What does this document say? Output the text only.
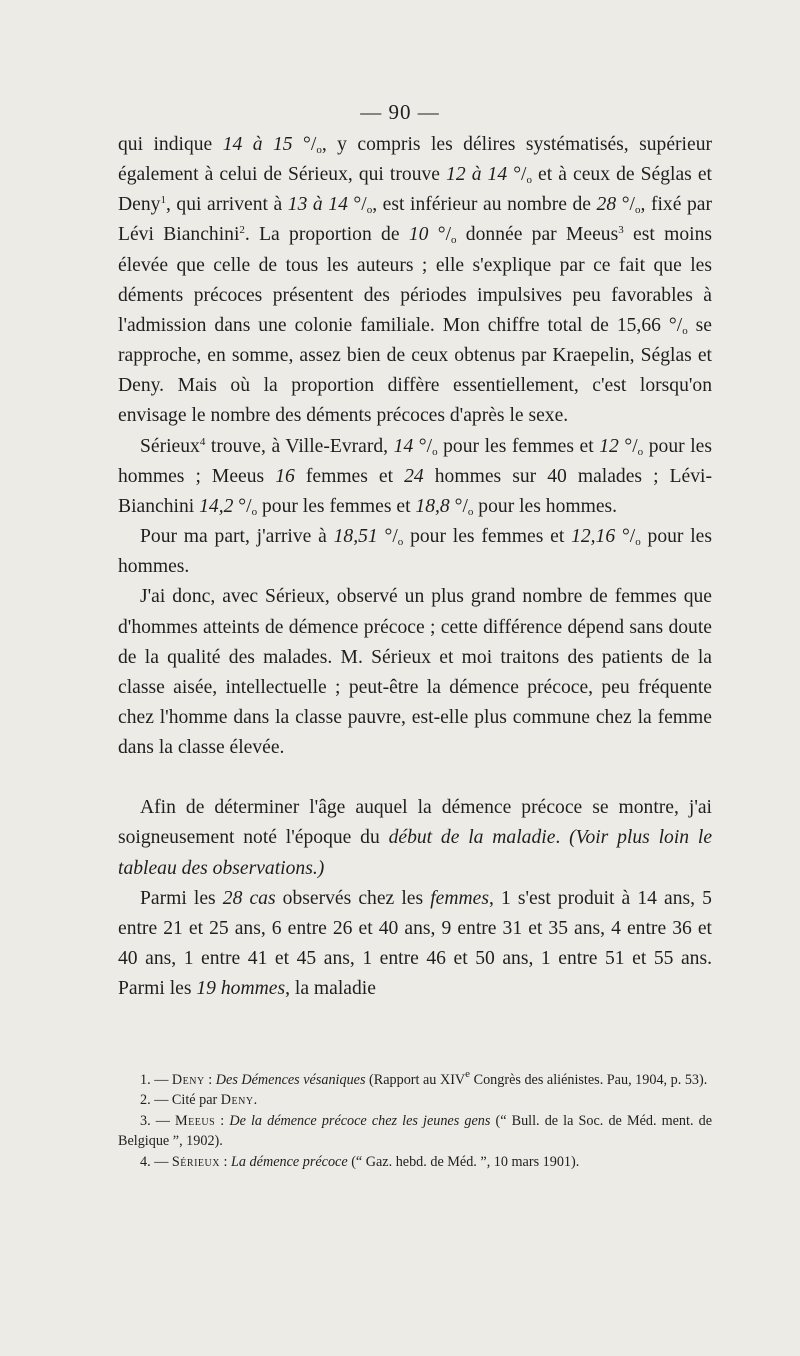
— 90 —

qui indique 14 à 15 $^\circ/_o$, y compris les délires systématisés, supérieur également à celui de Sérieux, qui trouve 12 à 14 $^\circ/_o$ et à ceux de Séglas et Deny$^1$, qui arrivent à 13 à 14 $^\circ/_o$, est inférieur au nombre de 28 $^\circ/_o$, fixé par Lévi Bianchini$^2$. La proportion de 10 $^\circ/_o$ donnée par Meeus$^3$ est moins élevée que celle de tous les auteurs ; elle s'explique par ce fait que les déments précoces présentent des périodes impulsives peu favorables à l'admission dans une colonie familiale. Mon chiffre total de 15,66 $^\circ/_o$ se rapproche, en somme, assez bien de ceux obtenus par Kraepelin, Séglas et Deny. Mais où la proportion diffère essentiellement, c'est lorsqu'on envisage le nombre des déments précoces d'après le sexe.

Sérieux$^4$ trouve, à Ville-Evrard, 14 $^\circ/_o$ pour les femmes et 12 $^\circ/_o$ pour les hommes ; Meeus 16 femmes et 24 hommes sur 40 malades ; Lévi-Bianchini 14,2 $^\circ/_o$ pour les femmes et 18,8 $^\circ/_o$ pour les hommes.

Pour ma part, j'arrive à 18,51 $^\circ/_o$ pour les femmes et 12,16 $^\circ/_o$ pour les hommes.

J'ai donc, avec Sérieux, observé un plus grand nombre de femmes que d'hommes atteints de démence précoce ; cette différence dépend sans doute de la qualité des malades. M. Sérieux et moi traitons des patients de la classe aisée, intellectuelle ; peut-être la démence précoce, peu fréquente chez l'homme dans la classe pauvre, est-elle plus commune chez la femme dans la classe élevée.

Afin de déterminer l'âge auquel la démence précoce se montre, j'ai soigneusement noté l'époque du début de la maladie. (Voir plus loin le tableau des observations.)

Parmi les 28 cas observés chez les femmes, 1 s'est produit à 14 ans, 5 entre 21 et 25 ans, 6 entre 26 et 40 ans, 9 entre 31 et 35 ans, 4 entre 36 et 40 ans, 1 entre 41 et 45 ans, 1 entre 46 et 50 ans, 1 entre 51 et 55 ans. Parmi les 19 hommes, la maladie

1. — Deny : Des Démences vésaniques (Rapport au XIVe Congrès des aliénistes. Pau, 1904, p. 53).

2. — Cité par Deny.

3. — Meeus : De la démence précoce chez les jeunes gens (“ Bull. de la Soc. de Méd. ment. de Belgique ”, 1902).

4. — Sérieux : La démence précoce (“ Gaz. hebd. de Méd. ”, 10 mars 1901).
